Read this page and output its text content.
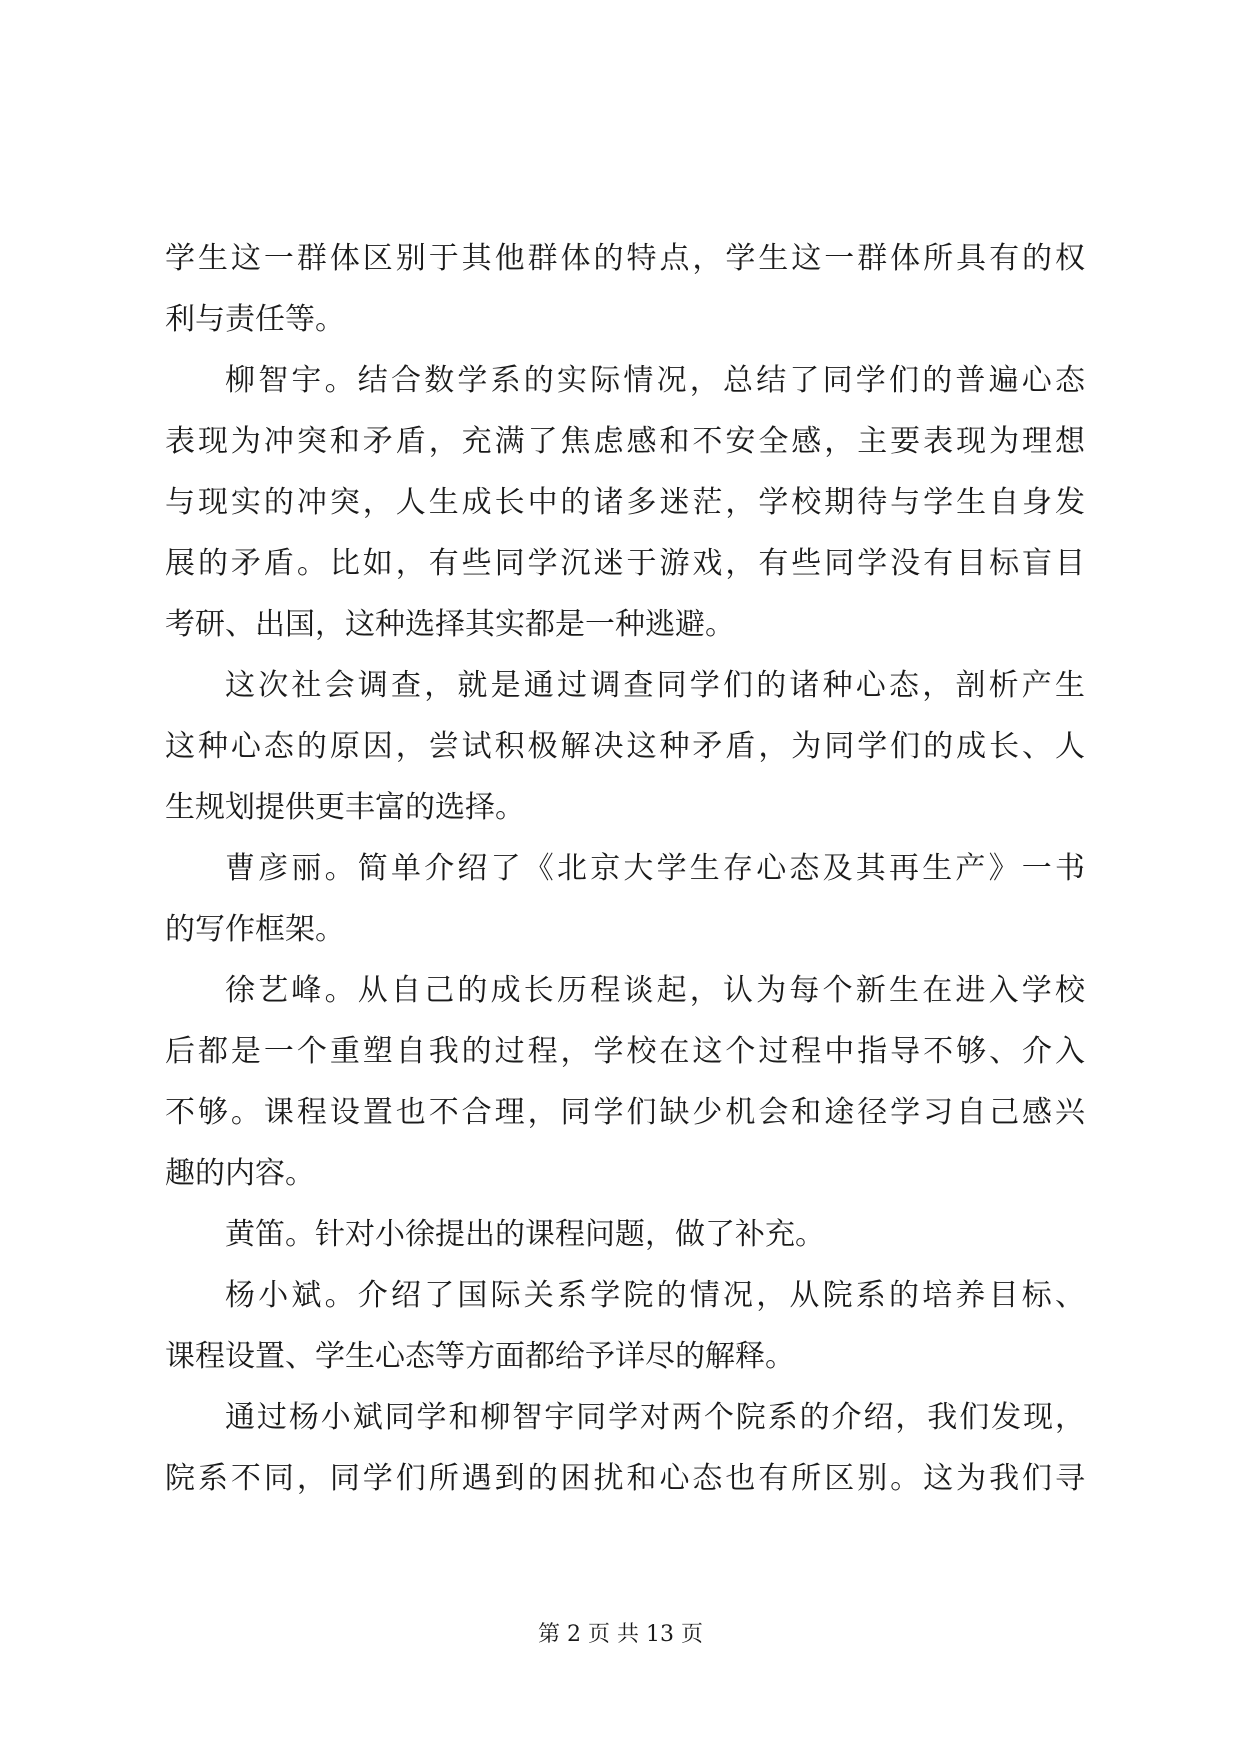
学生这一群体区别于其他群体的特点，学生这一群体所具有的权
利与责任等。
柳智宇。结合数学系的实际情况，总结了同学们的普遍心态
表现为冲突和矛盾，充满了焦虑感和不安全感，主要表现为理想
与现实的冲突，人生成长中的诸多迷茫，学校期待与学生自身发
展的矛盾。比如，有些同学沉迷于游戏，有些同学没有目标盲目
考研、出国，这种选择其实都是一种逃避。
这次社会调查，就是通过调查同学们的诸种心态，剖析产生
这种心态的原因，尝试积极解决这种矛盾，为同学们的成长、人
生规划提供更丰富的选择。
曹彦丽。简单介绍了《北京大学生存心态及其再生产》一书
的写作框架。
徐艺峰。从自己的成长历程谈起，认为每个新生在进入学校
后都是一个重塑自我的过程，学校在这个过程中指导不够、介入
不够。课程设置也不合理，同学们缺少机会和途径学习自己感兴
趣的内容。
黄笛。针对小徐提出的课程问题，做了补充。
杨小斌。介绍了国际关系学院的情况，从院系的培养目标、
课程设置、学生心态等方面都给予详尽的解释。
通过杨小斌同学和柳智宇同学对两个院系的介绍，我们发现，
院系不同，同学们所遇到的困扰和心态也有所区别。这为我们寻
第 2 页 共 13 页
